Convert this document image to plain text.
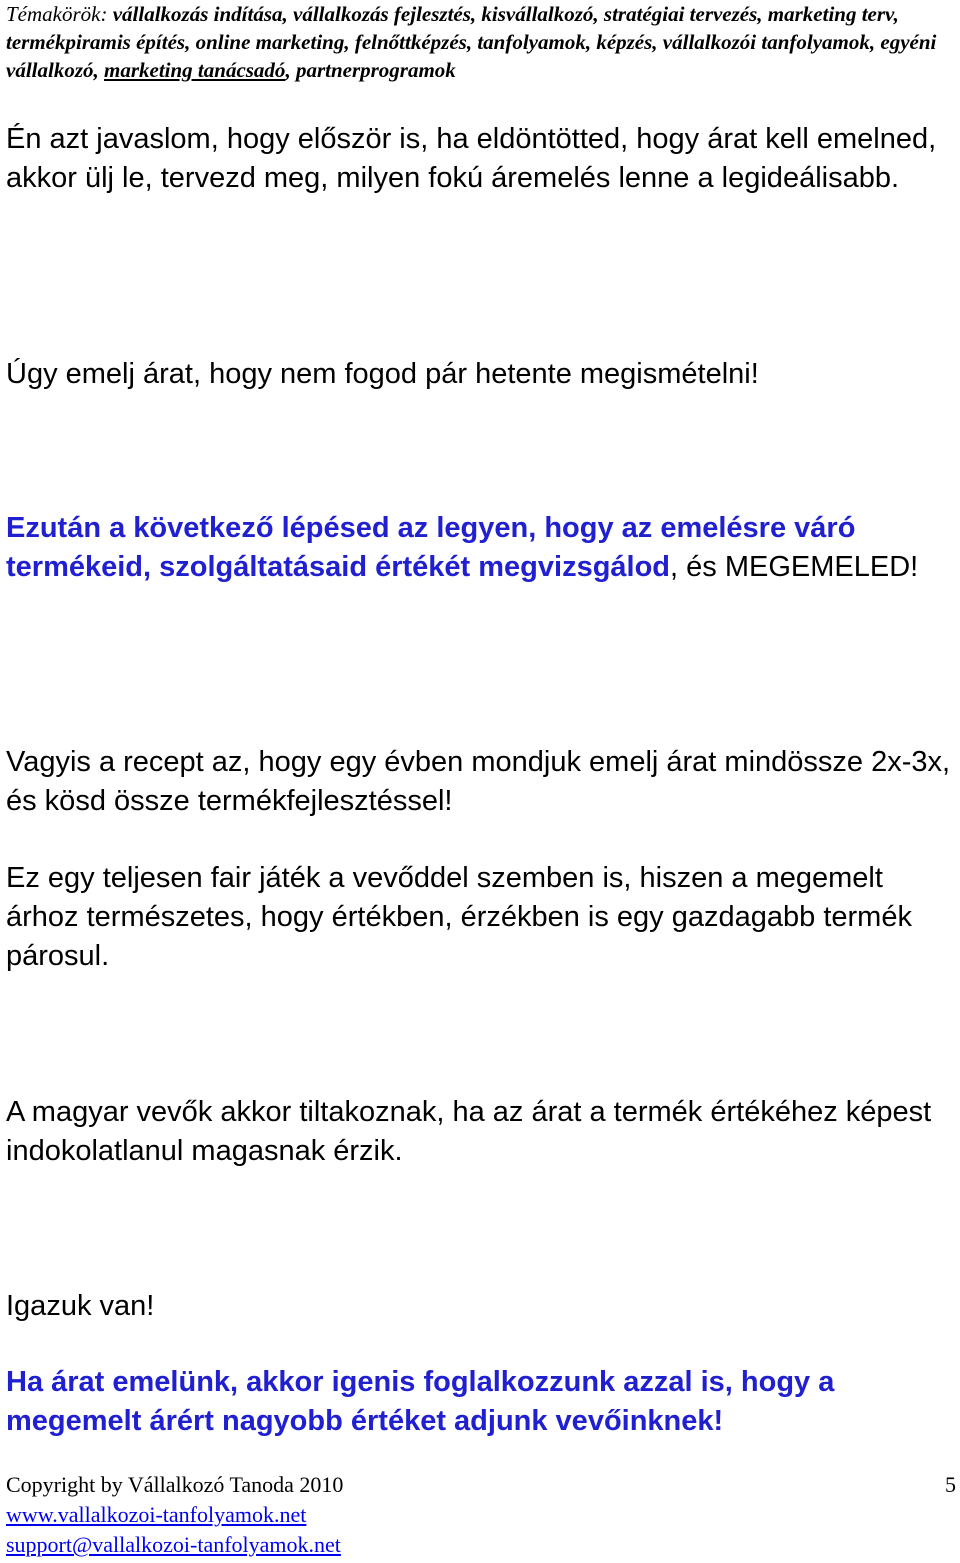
Témakörök: vállalkozás indítása, vállalkozás fejlesztés, kisvállalkozó, stratégiai tervezés, marketing terv, termékpiramis építés, online marketing, felnőttképzés, tanfolyamok, képzés, vállalkozói tanfolyamok, egyéni vállalkozó, marketing tanácsadó, partnerprogramok

Én azt javaslom, hogy először is, ha eldöntötted, hogy árat kell emelned, akkor ülj le, tervezd meg, milyen fokú áremelés lenne a legideálisabb.

Úgy emelj árat, hogy nem fogod pár hetente megismételni!

Ezután a következő lépésed az legyen, hogy az emelésre váró termékeid, szolgáltatásaid értékét megvizsgálod, és MEGEMELED!

Vagyis a recept az, hogy egy évben mondjuk emelj árat mindössze 2x-3x, és kösd össze termékfejlesztéssel!

Ez egy teljesen fair játék a vevőddel szemben is, hiszen a megemelt árhoz természetes, hogy értékben, érzékben is egy gazdagabb termék párosul.

A magyar vevők akkor tiltakoznak, ha az árat a termék értékéhez képest indokolatlanul magasnak érzik.

Igazuk van!

Ha árat emelünk, akkor igenis foglalkozzunk azzal is, hogy a megemelt árért nagyobb értéket adjunk vevőinknek!

Copyright by Vállalkozó Tanoda 2010
www.vallalkozoi-tanfolyamok.net
support@vallalkozoi-tanfolyamok.net
5
